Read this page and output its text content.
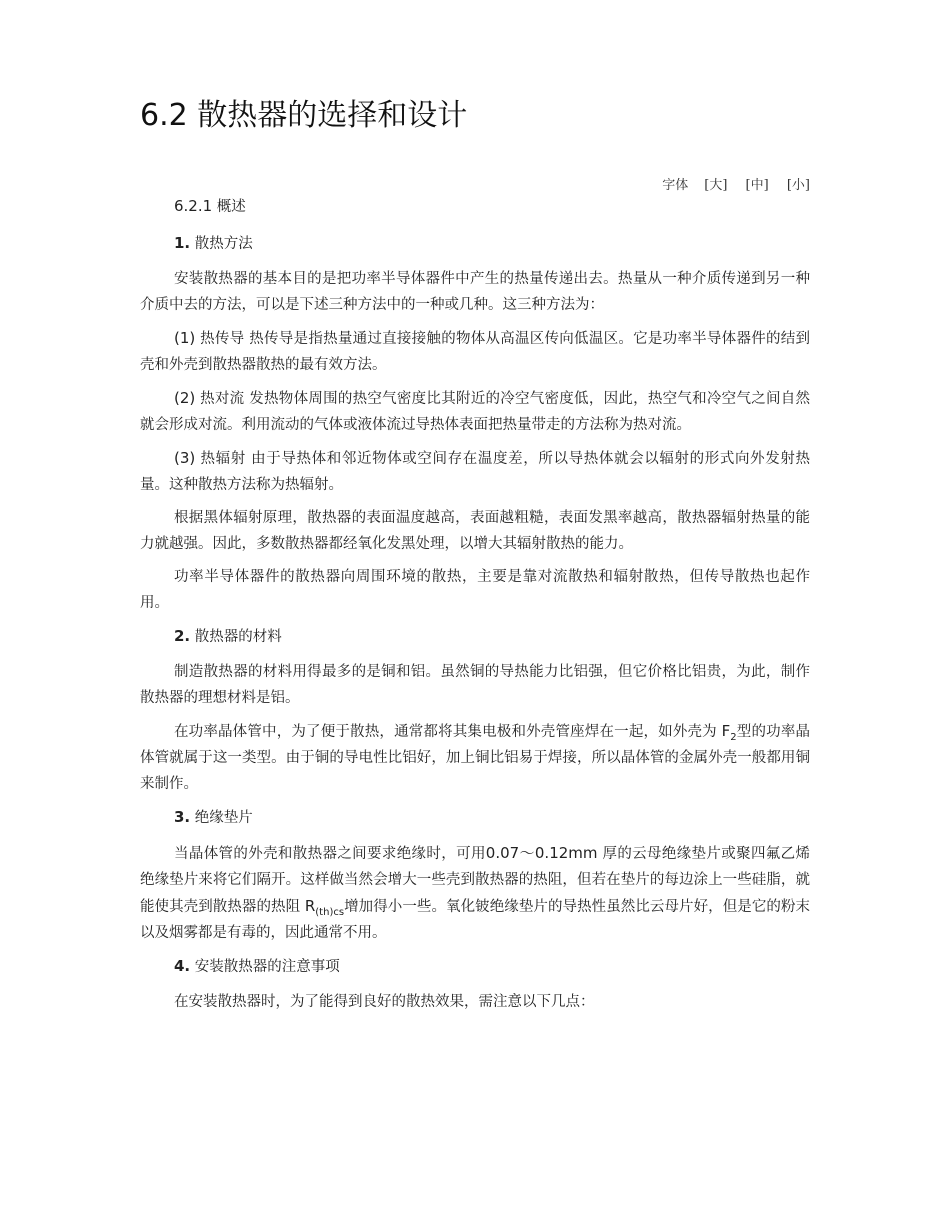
6.2 散热器的选择和设计
字体 [大] [中] [小]

6.2.1 概述

1. 散热方法

安装散热器的基本目的是把功率半导体器件中产生的热量传递出去。热量从一种介质传递到另一种介质中去的方法，可以是下述三种方法中的一种或几种。这三种方法为：

(1) 热传导 热传导是指热量通过直接接触的物体从高温区传向低温区。它是功率半导体器件的结到壳和外壳到散热器散热的最有效方法。

(2) 热对流 发热物体周围的热空气密度比其附近的冷空气密度低，因此，热空气和冷空气之间自然就会形成对流。利用流动的气体或液体流过导热体表面把热量带走的方法称为热对流。

(3) 热辐射 由于导热体和邻近物体或空间存在温度差，所以导热体就会以辐射的形式向外发射热量。这种散热方法称为热辐射。

根据黑体辐射原理，散热器的表面温度越高，表面越粗糙，表面发黑率越高，散热器辐射热量的能力就越强。因此，多数散热器都经氧化发黑处理，以增大其辐射散热的能力。

功率半导体器件的散热器向周围环境的散热，主要是靠对流散热和辐射散热，但传导散热也起作用。

2. 散热器的材料

制造散热器的材料用得最多的是铜和铝。虽然铜的导热能力比铝强，但它价格比铝贵，为此，制作散热器的理想材料是铝。

在功率晶体管中，为了便于散热，通常都将其集电极和外壳管座焊在一起，如外壳为 $F_2$型的功率晶体管就属于这一类型。由于铜的导电性比铝好，加上铜比铝易于焊接，所以晶体管的金属外壳一般都用铜来制作。

3. 绝缘垫片

当晶体管的外壳和散热器之间要求绝缘时，可用0.07～0.12mm 厚的云母绝缘垫片或聚四氟乙烯绝缘垫片来将它们隔开。这样做当然会增大一些壳到散热器的热阻，但若在垫片的每边涂上一些硅脂，就能使其壳到散热器的热阻 $R_{(th)cs}$增加得小一些。氧化铍绝缘垫片的导热性虽然比云母片好，但是它的粉末以及烟雾都是有毒的，因此通常不用。

4. 安装散热器的注意事项

在安装散热器时，为了能得到良好的散热效果，需注意以下几点：
